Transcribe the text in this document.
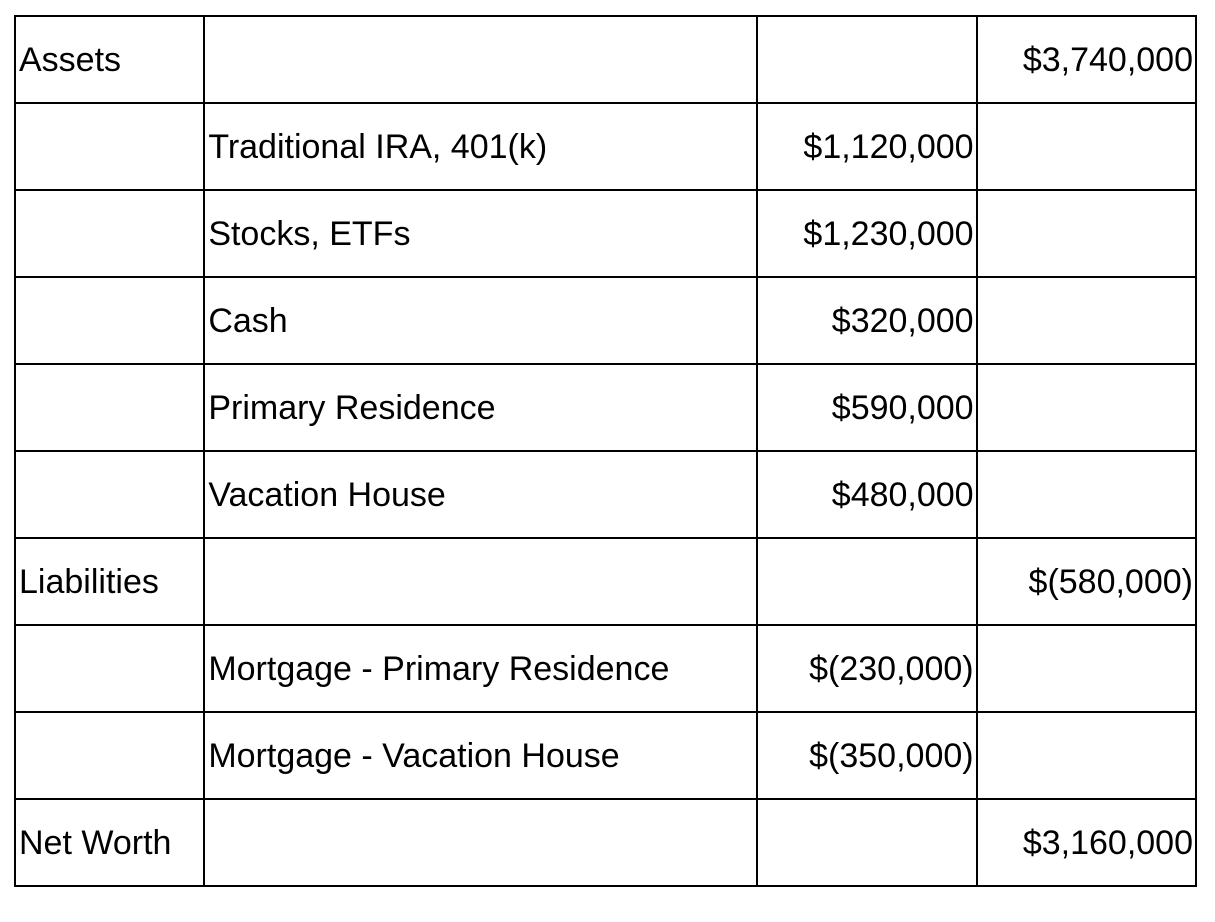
Assets			$3,740,000
	Traditional IRA, 401(k)	$1,120,000	
	Stocks, ETFs	$1,230,000	
	Cash	$320,000	
	Primary Residence	$590,000	
	Vacation House	$480,000	
Liabilities			$(580,000)
	Mortgage - Primary Residence	$(230,000)	
	Mortgage - Vacation House	$(350,000)	
Net Worth			$3,160,000
